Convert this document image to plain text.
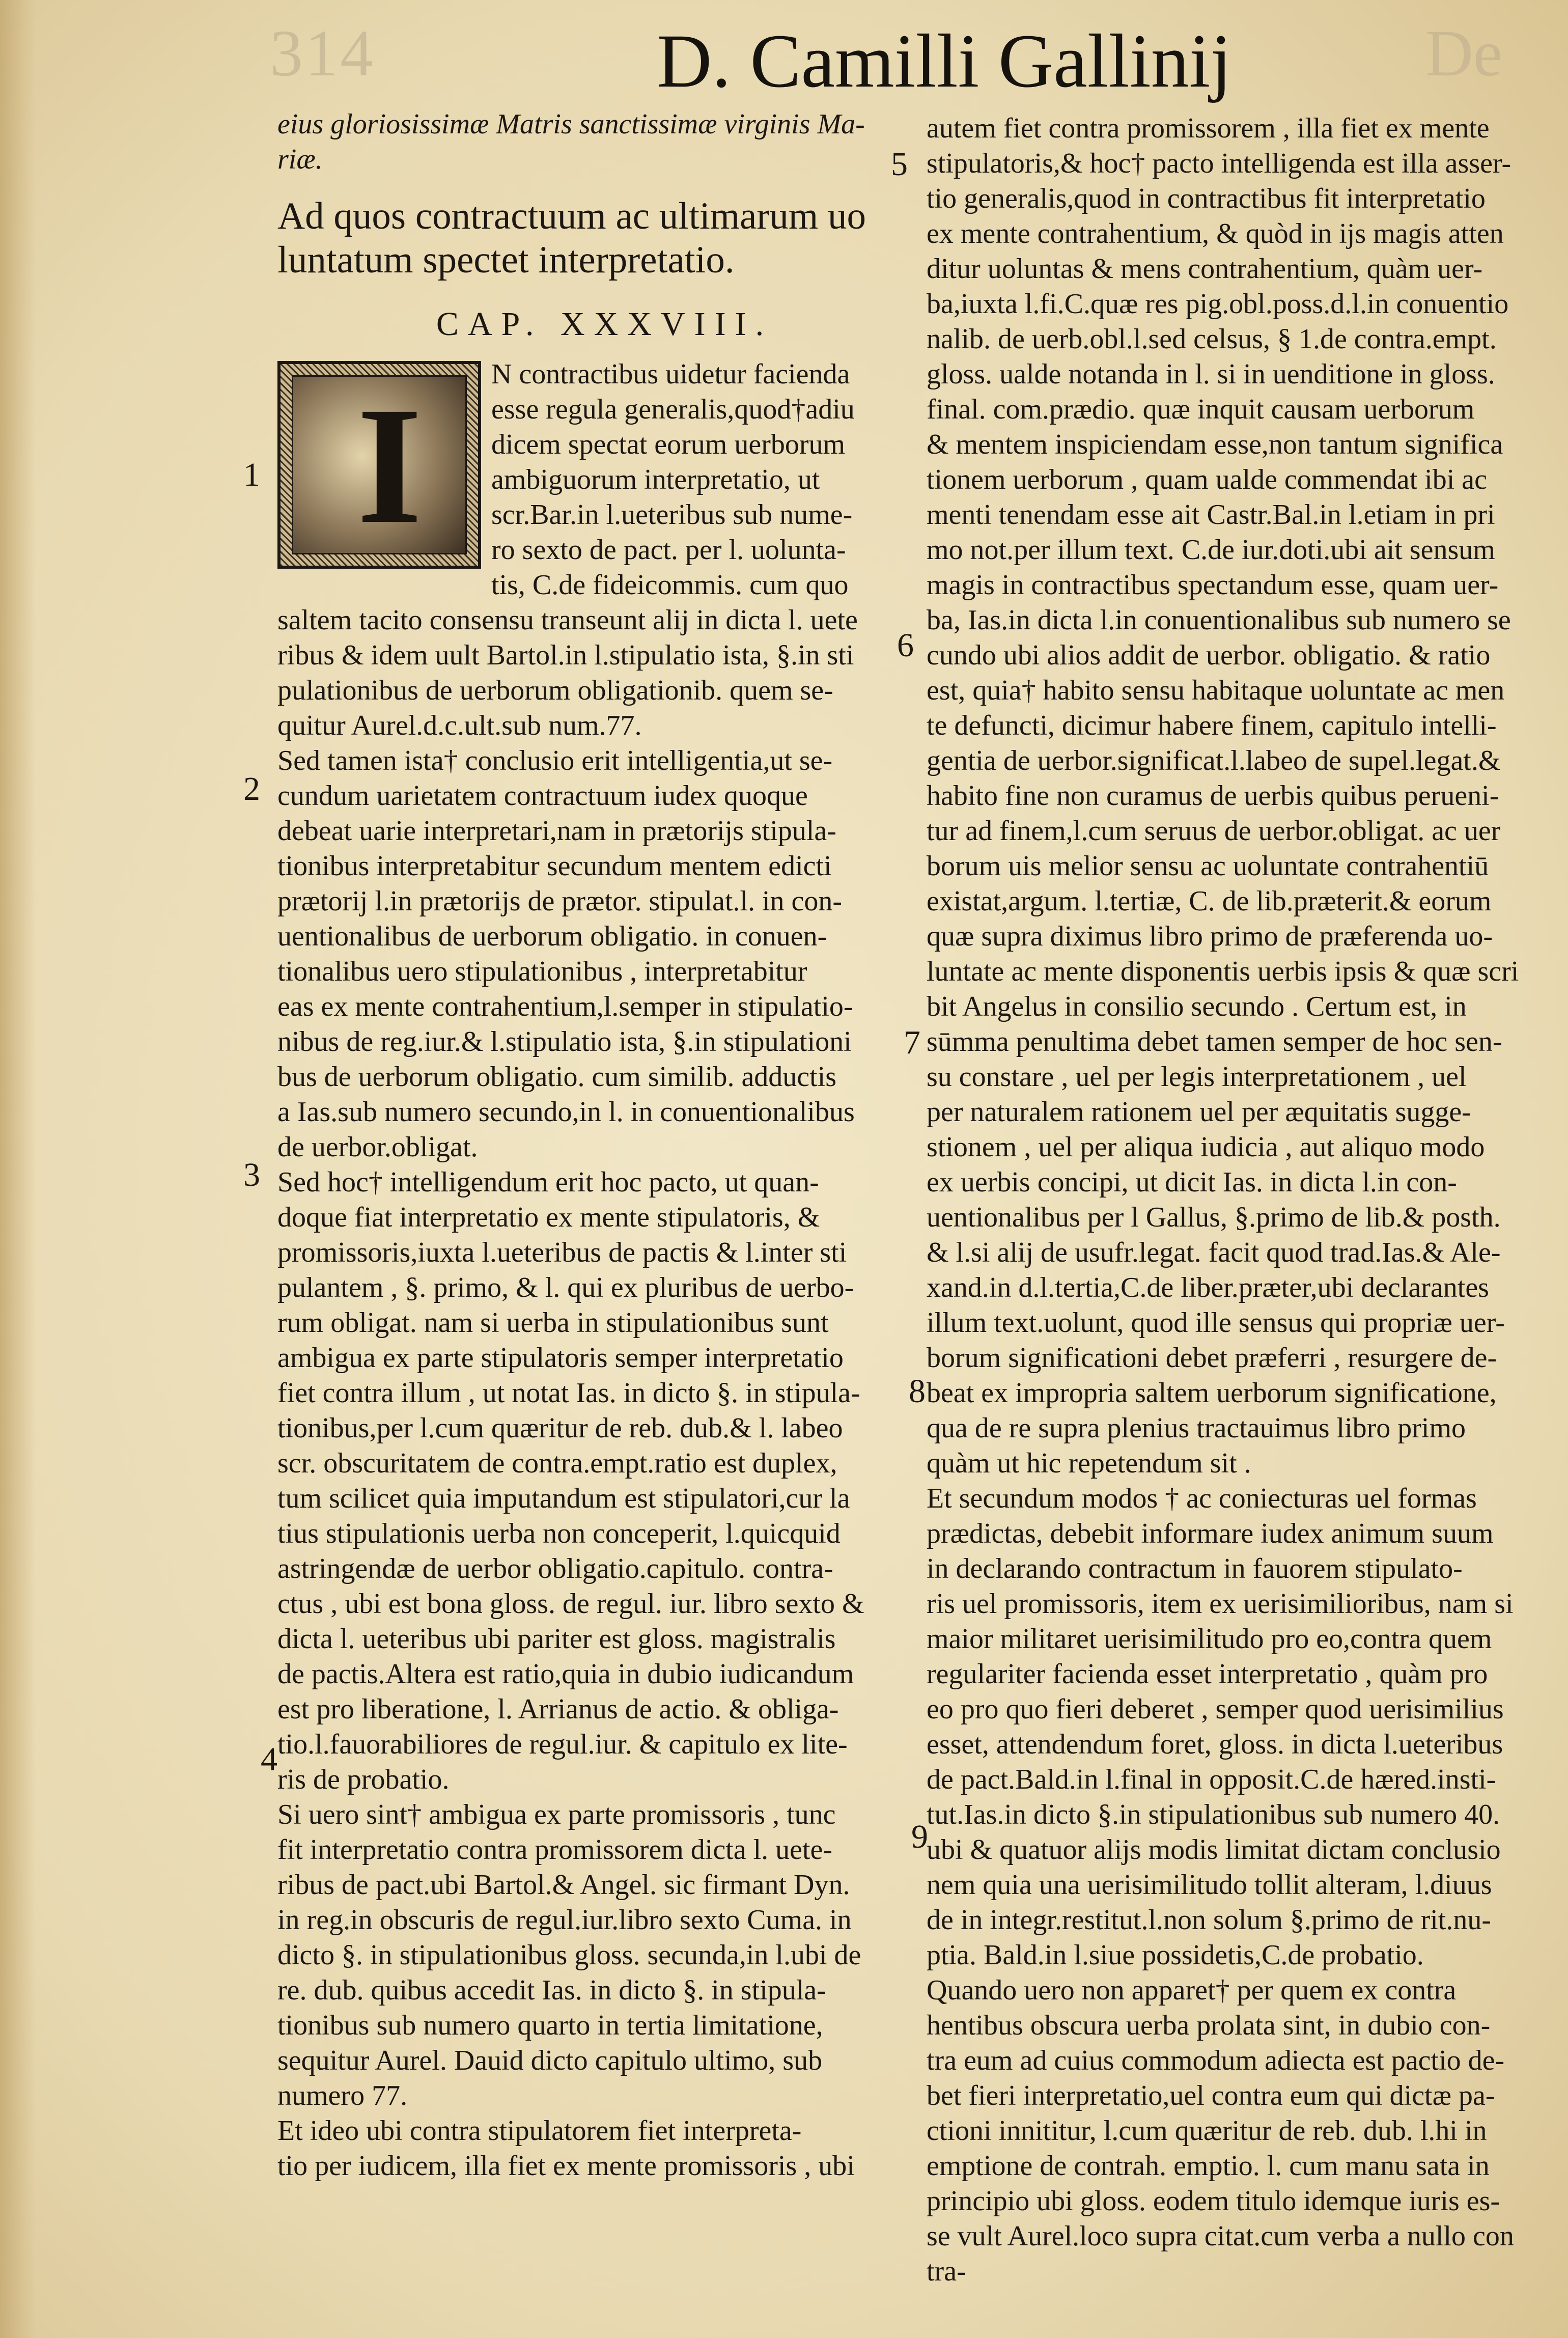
314	D. Camilli Gallinij	De
eius gloriosissimæ Matris sanctissimæ virginis Ma-
riæ.
Ad quos contractuum ac ultimarum uo
luntatum spectet interpretatio.
CAP. XXXVIII.
I	N contractibus uidetur facienda
esse regula generalis,quod†adiu
dicem spectat eorum uerborum
ambiguorum interpretatio, ut
scr.Bar.in l.ueteribus sub nume-
ro sexto de pact. per l. uolunta-
tis, C.de fideicommis. cum quo
saltem tacito consensu transeunt alij in dicta l. uete
ribus & idem uult Bartol.in l.stipulatio ista, §.in sti
pulationibus de uerborum obligationib. quem se-
quitur Aurel.d.c.ult.sub num.77.
Sed tamen ista† conclusio erit intelligentia,ut se-
cundum uarietatem contractuum iudex quoque
debeat uarie interpretari,nam in prætorijs stipula-
tionibus interpretabitur secundum mentem edicti
prætorij l.in prætorijs de prætor. stipulat.l. in con-
uentionalibus de uerborum obligatio. in conuen-
tionalibus uero stipulationibus , interpretabitur
eas ex mente contrahentium,l.semper in stipulatio-
nibus de reg.iur.& l.stipulatio ista, §.in stipulationi
bus de uerborum obligatio. cum similib. adductis
a Ias.sub numero secundo,in l. in conuentionalibus
de uerbor.obligat.
Sed hoc† intelligendum erit hoc pacto, ut quan-
doque fiat interpretatio ex mente stipulatoris, &
promissoris,iuxta l.ueteribus de pactis & l.inter sti
pulantem , §. primo, & l. qui ex pluribus de uerbo-
rum obligat. nam si uerba in stipulationibus sunt
ambigua ex parte stipulatoris semper interpretatio
fiet contra illum , ut notat Ias. in dicto §. in stipula-
tionibus,per l.cum quæritur de reb. dub.& l. labeo
scr. obscuritatem de contra.empt.ratio est duplex,
tum scilicet quia imputandum est stipulatori,cur la
tius stipulationis uerba non conceperit, l.quicquid
astringendæ de uerbor obligatio.capitulo. contra-
ctus , ubi est bona gloss. de regul. iur. libro sexto &
dicta l. ueteribus ubi pariter est gloss. magistralis
de pactis.Altera est ratio,quia in dubio iudicandum
est pro liberatione, l. Arrianus de actio. & obliga-
tio.l.fauorabiliores de regul.iur. & capitulo ex lite-
ris de probatio.
Si uero sint† ambigua ex parte promissoris , tunc
fit interpretatio contra promissorem dicta l. uete-
ribus de pact.ubi Bartol.& Angel. sic firmant Dyn.
in reg.in obscuris de regul.iur.libro sexto Cuma. in
dicto §. in stipulationibus gloss. secunda,in l.ubi de
re. dub. quibus accedit Ias. in dicto §. in stipula-
tionibus sub numero quarto in tertia limitatione,
sequitur Aurel. Dauid dicto capitulo ultimo, sub
numero 77.
Et ideo ubi contra stipulatorem fiet interpreta-
tio per iudicem, illa fiet ex mente promissoris , ubi
autem fiet contra promissorem , illa fiet ex mente
stipulatoris,& hoc† pacto intelligenda est illa asser-
tio generalis,quod in contractibus fit interpretatio
ex mente contrahentium, & quòd in ijs magis atten
ditur uoluntas & mens contrahentium, quàm uer-
ba,iuxta l.fi.C.quæ res pig.obl.poss.d.l.in conuentio
nalib. de uerb.obl.l.sed celsus, § 1.de contra.empt.
gloss. ualde notanda in l. si in uenditione in gloss.
final. com.prædio. quæ inquit causam uerborum
& mentem inspiciendam esse,non tantum significa
tionem uerborum , quam ualde commendat ibi ac
menti tenendam esse ait Castr.Bal.in l.etiam in pri
mo not.per illum text. C.de iur.doti.ubi ait sensum
magis in contractibus spectandum esse, quam uer-
ba, Ias.in dicta l.in conuentionalibus sub numero se
cundo ubi alios addit de uerbor. obligatio. & ratio
est, quia† habito sensu habitaque uoluntate ac men
te defuncti, dicimur habere finem, capitulo intelli-
gentia de uerbor.significat.l.labeo de supel.legat.&
habito fine non curamus de uerbis quibus perueni-
tur ad finem,l.cum seruus de uerbor.obligat. ac uer
borum uis melior sensu ac uoluntate contrahentiū
existat,argum. l.tertiæ, C. de lib.præterit.& eorum
quæ supra diximus libro primo de præferenda uo-
luntate ac mente disponentis uerbis ipsis & quæ scri
bit Angelus in consilio secundo . Certum est, in
sūmma penultima debet tamen semper de hoc sen-
su constare , uel per legis interpretationem , uel
per naturalem rationem uel per æquitatis sugge-
stionem , uel per aliqua iudicia , aut aliquo modo
ex uerbis concipi, ut dicit Ias. in dicta l.in con-
uentionalibus per l Gallus, §.primo de lib.& posth.
& l.si alij de usufr.legat. facit quod trad.Ias.& Ale-
xand.in d.l.tertia,C.de liber.præter,ubi declarantes
illum text.uolunt, quod ille sensus qui propriæ uer-
borum significationi debet præferri , resurgere de-
beat ex impropria saltem uerborum significatione,
qua de re supra plenius tractauimus libro primo
quàm ut hic repetendum sit .
Et secundum modos † ac coniecturas uel formas
prædictas, debebit informare iudex animum suum
in declarando contractum in fauorem stipulato-
ris uel promissoris, item ex uerisimilioribus, nam si
maior militaret uerisimilitudo pro eo,contra quem
regulariter facienda esset interpretatio , quàm pro
eo pro quo fieri deberet , semper quod uerisimilius
esset, attendendum foret, gloss. in dicta l.ueteribus
de pact.Bald.in l.final in opposit.C.de hæred.insti-
tut.Ias.in dicto §.in stipulationibus sub numero 40.
ubi & quatuor alijs modis limitat dictam conclusio
nem quia una uerisimilitudo tollit alteram, l.diuus
de in integr.restitut.l.non solum §.primo de rit.nu-
ptia. Bald.in l.siue possidetis,C.de probatio.
Quando uero non apparet† per quem ex contra
hentibus obscura uerba prolata sint, in dubio con-
tra eum ad cuius commodum adiecta est pactio de-
bet fieri interpretatio,uel contra eum qui dictæ pa-
ctioni innititur, l.cum quæritur de reb. dub. l.hi in
emptione de contrah. emptio. l. cum manu sata in
principio ubi gloss. eodem titulo idemque iuris es-
se vult Aurel.loco supra citat.cum verba a nullo con
tra-
1
2
3
4
5
6
7
8
9
